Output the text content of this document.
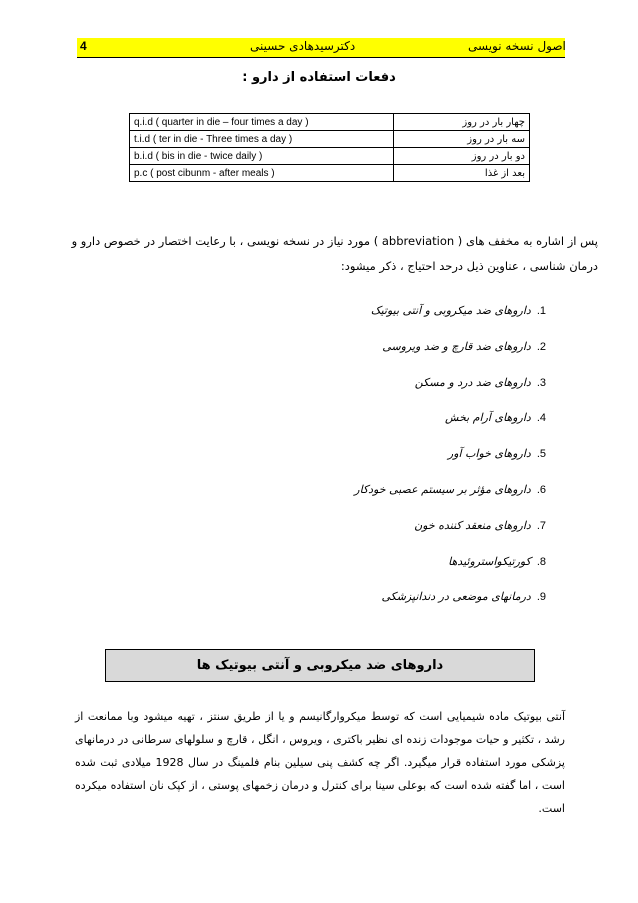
4	دکترسیدهادی حسینی	اصول نسخه نویسی
دفعات استفاده از دارو :
q.i.d ( quarter in die – four times a day )	چهار بار در روز
t.i.d ( ter in die - Three times a day )	سه بار در روز
b.i.d ( bis in die - twice daily )	دو بار در روز
p.c ( post cibunm - after meals )	بعد از غذا
پس از اشاره به مخفف های ( abbreviation ) مورد نیاز در نسخه نویسی ، با رعایت اختصار در خصوص دارو و درمان شناسی ، عناوین ذیل درحد احتیاج ، ذکر میشود:
1.داروهای ضد میکروبی و آنتی بیوتیک
2.داروهای ضد قارچ و ضد ویروسی
3.داروهای ضد درد و مسکن
4.داروهای آرام بخش
5.داروهای خواب آور
6.داروهای مؤثر بر سیستم عصبی خودکار
7.داروهای منعقد کننده خون
8.کورتیکواستروئیدها
9.درمانهای موضعی در دندانپزشکی
داروهای ضد میکروبی و آنتی بیوتیک ها
آنتی بیوتیک ماده شیمیایی است که توسط میکروارگانیسم و یا از طریق سنتز ، تهیه میشود وبا ممانعت از رشد ، تکثیر و حیات موجودات زنده ای نظیر باکتری ، ویروس ، انگل ، قارچ و سلولهای سرطانی در درمانهای پزشکی مورد استفاده قرار میگیرد. اگر چه کشف پنی سیلین بنام فلمینگ در سال 1928 میلادی ثبت شده است ، اما گفته شده است که بوعلی سینا برای کنترل و درمان زخمهای پوستی ، از کپک نان استفاده میکرده است.
